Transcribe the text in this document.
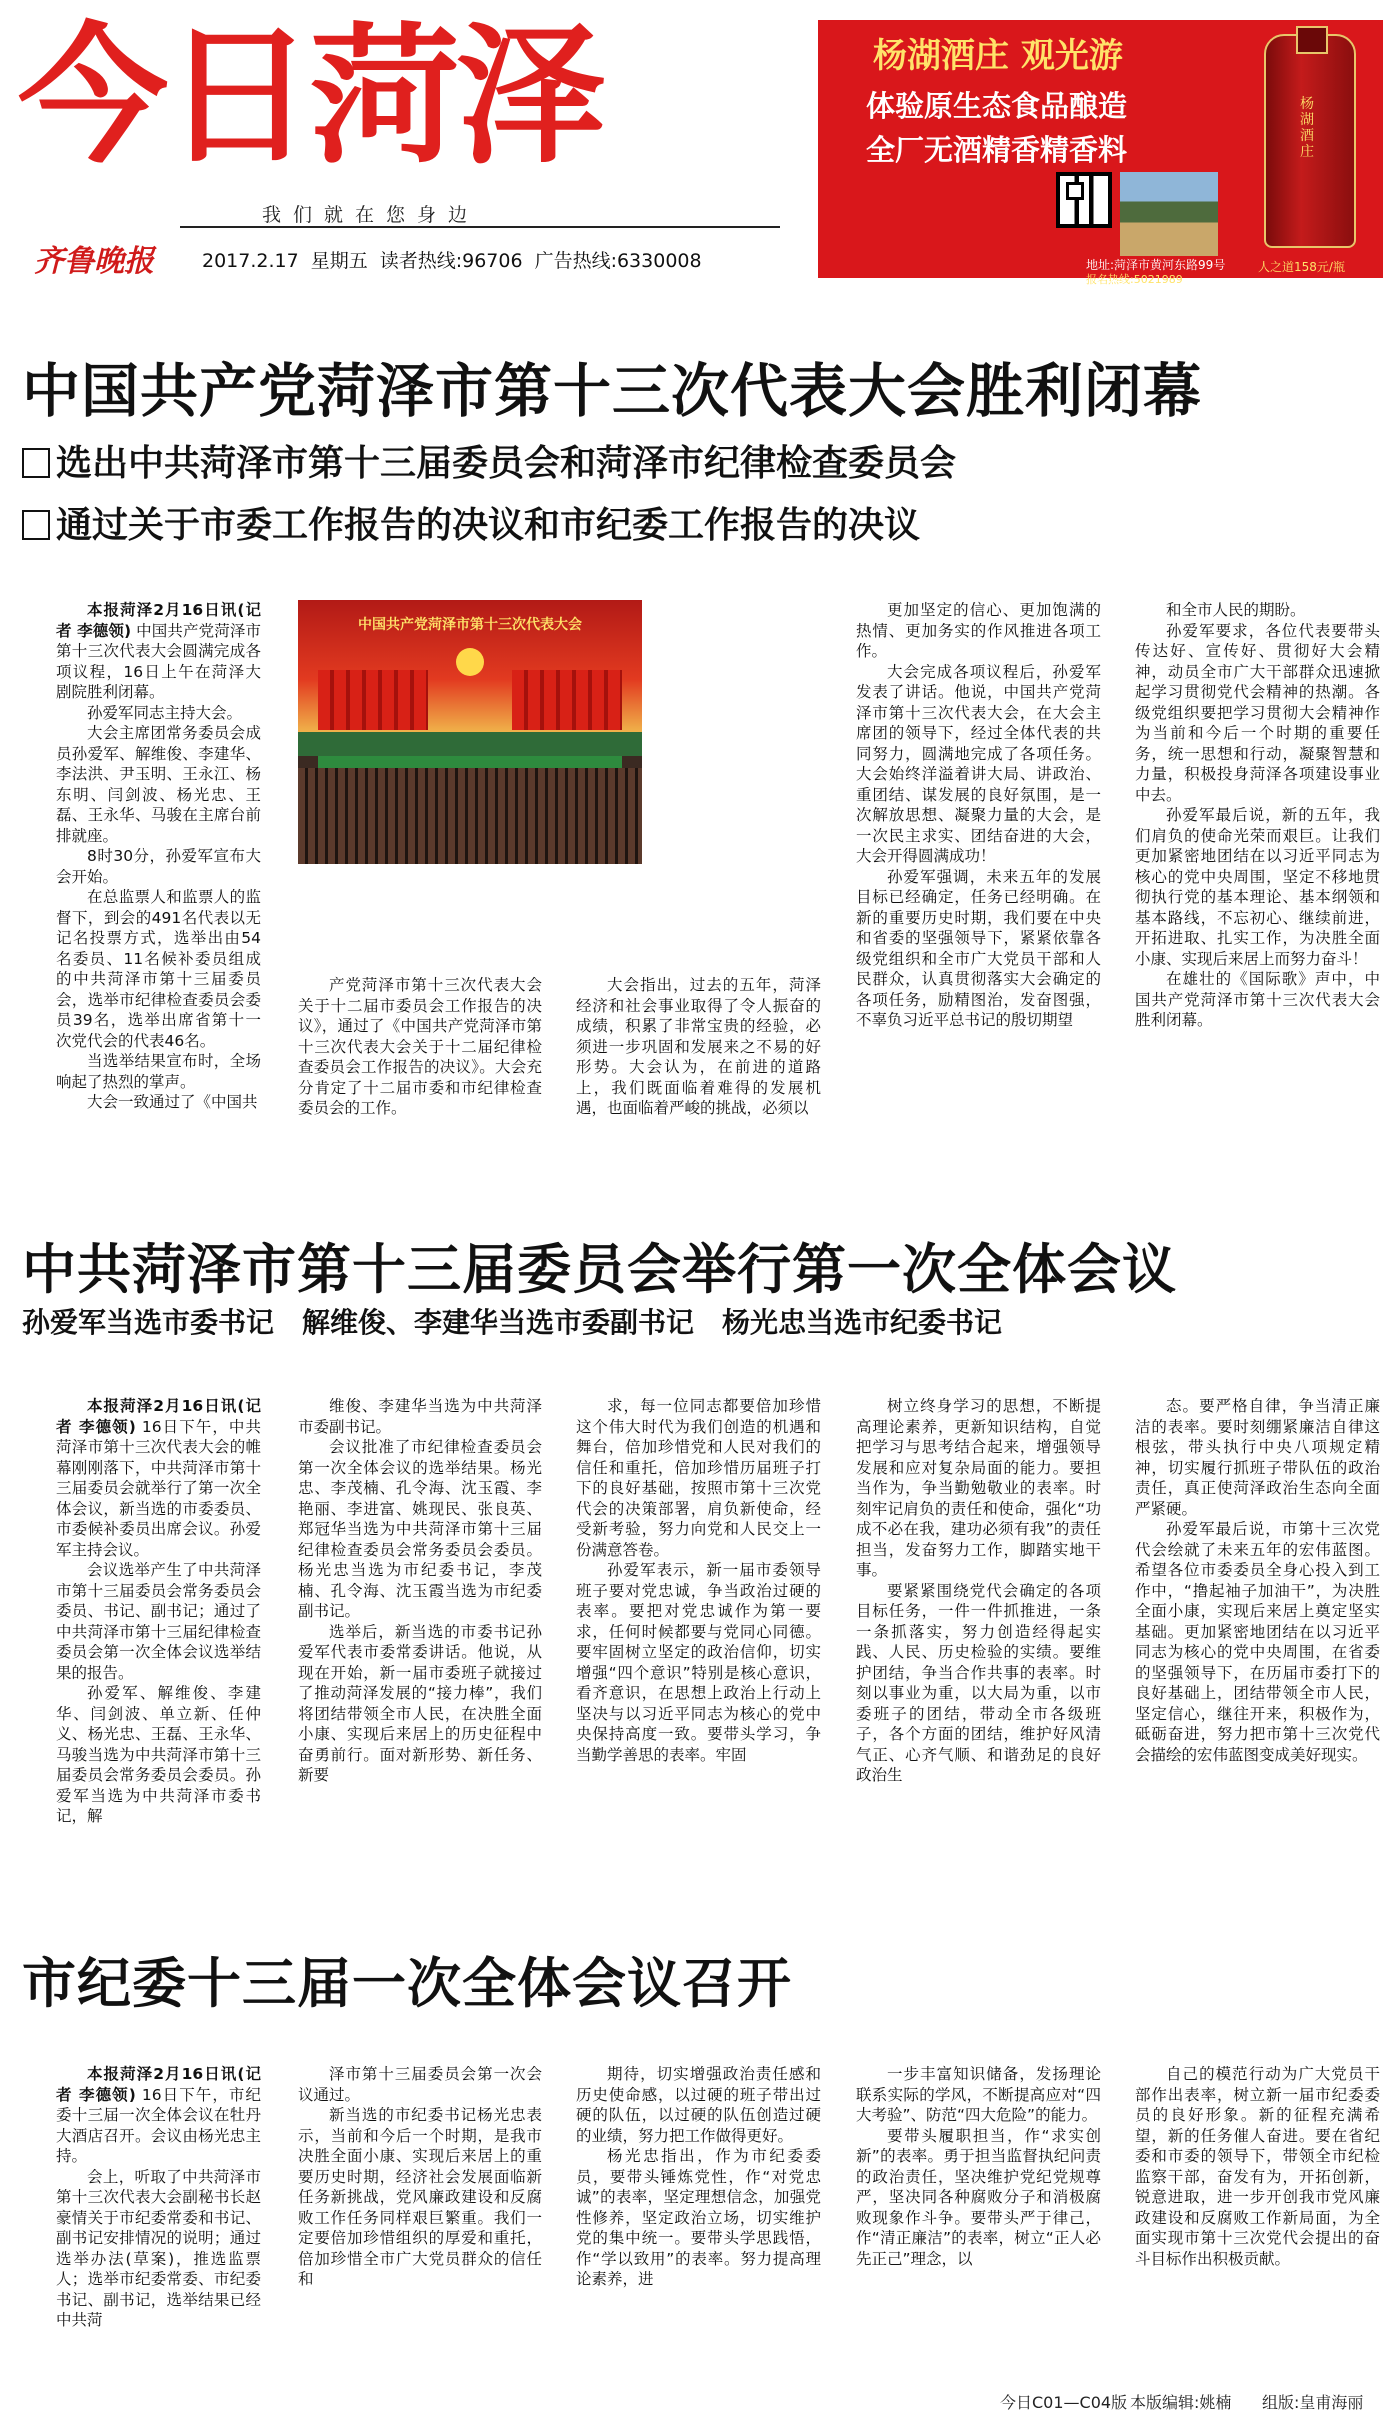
今日菏泽
我们就在您身边
齐鲁晚报	2017.2.17 星期五 读者热线:96706 广告热线:6330008
杨湖酒庄 观光游
体验原生态食品酿造
全厂无酒精香精香料
地址:菏泽市黄河东路99号
报名热线:5021989
杨湖酒庄
人之道158元/瓶
中国共产党菏泽市第十三次代表大会胜利闭幕
选出中共菏泽市第十三届委员会和菏泽市纪律检查委员会
通过关于市委工作报告的决议和市纪委工作报告的决议

本报菏泽2月16日讯(记者 李德领) 中国共产党菏泽市第十三次代表大会圆满完成各项议程，16日上午在菏泽大剧院胜利闭幕。

孙爱军同志主持大会。

大会主席团常务委员会成员孙爱军、解维俊、李建华、李法洪、尹玉明、王永江、杨东明、闫剑波、杨光忠、王磊、王永华、马骏在主席台前排就座。

8时30分，孙爱军宣布大会开始。

在总监票人和监票人的监督下，到会的491名代表以无记名投票方式，选举出由54名委员、11名候补委员组成的中共菏泽市第十三届委员会，选举市纪律检查委员会委员39名，选举出席省第十一次党代会的代表46名。

当选举结果宣布时，全场响起了热烈的掌声。

大会一致通过了《中国共

中国共产党菏泽市第十三次代表大会

产党菏泽市第十三次代表大会关于十二届市委员会工作报告的决议》，通过了《中国共产党菏泽市第十三次代表大会关于十二届纪律检查委员会工作报告的决议》。大会充分肯定了十二届市委和市纪律检查委员会的工作。

大会指出，过去的五年，菏泽经济和社会事业取得了令人振奋的成绩，积累了非常宝贵的经验，必须进一步巩固和发展来之不易的好形势。大会认为，在前进的道路上，我们既面临着难得的发展机遇，也面临着严峻的挑战，必须以

更加坚定的信心、更加饱满的热情、更加务实的作风推进各项工作。

大会完成各项议程后，孙爱军发表了讲话。他说，中国共产党菏泽市第十三次代表大会，在大会主席团的领导下，经过全体代表的共同努力，圆满地完成了各项任务。大会始终洋溢着讲大局、讲政治、重团结、谋发展的良好氛围，是一次解放思想、凝聚力量的大会，是一次民主求实、团结奋进的大会，大会开得圆满成功！

孙爱军强调，未来五年的发展目标已经确定，任务已经明确。在新的重要历史时期，我们要在中央和省委的坚强领导下，紧紧依靠各级党组织和全市广大党员干部和人民群众，认真贯彻落实大会确定的各项任务，励精图治，发奋图强，不辜负习近平总书记的殷切期望

和全市人民的期盼。

孙爱军要求，各位代表要带头传达好、宣传好、贯彻好大会精神，动员全市广大干部群众迅速掀起学习贯彻党代会精神的热潮。各级党组织要把学习贯彻大会精神作为当前和今后一个时期的重要任务，统一思想和行动，凝聚智慧和力量，积极投身菏泽各项建设事业中去。

孙爱军最后说，新的五年，我们肩负的使命光荣而艰巨。让我们更加紧密地团结在以习近平同志为核心的党中央周围，坚定不移地贯彻执行党的基本理论、基本纲领和基本路线，不忘初心、继续前进，开拓进取、扎实工作，为决胜全面小康、实现后来居上而努力奋斗！

在雄壮的《国际歌》声中，中国共产党菏泽市第十三次代表大会胜利闭幕。

中共菏泽市第十三届委员会举行第一次全体会议
孙爱军当选市委书记　解维俊、李建华当选市委副书记　杨光忠当选市纪委书记

本报菏泽2月16日讯(记者 李德领) 16日下午，中共菏泽市第十三次代表大会的帷幕刚刚落下，中共菏泽市第十三届委员会就举行了第一次全体会议，新当选的市委委员、市委候补委员出席会议。孙爱军主持会议。

会议选举产生了中共菏泽市第十三届委员会常务委员会委员、书记、副书记；通过了中共菏泽市第十三届纪律检查委员会第一次全体会议选举结果的报告。

孙爱军、解维俊、李建华、闫剑波、单立新、任仲义、杨光忠、王磊、王永华、马骏当选为中共菏泽市第十三届委员会常务委员会委员。孙爱军当选为中共菏泽市委书记，解

维俊、李建华当选为中共菏泽市委副书记。

会议批准了市纪律检查委员会第一次全体会议的选举结果。杨光忠、李茂楠、孔令海、沈玉霞、李艳丽、李进富、姚现民、张良英、郑冠华当选为中共菏泽市第十三届纪律检查委员会常务委员会委员。杨光忠当选为市纪委书记，李茂楠、孔令海、沈玉霞当选为市纪委副书记。

选举后，新当选的市委书记孙爱军代表市委常委讲话。他说，从现在开始，新一届市委班子就接过了推动菏泽发展的“接力棒”，我们将团结带领全市人民，在决胜全面小康、实现后来居上的历史征程中奋勇前行。面对新形势、新任务、新要

求，每一位同志都要倍加珍惜这个伟大时代为我们创造的机遇和舞台，倍加珍惜党和人民对我们的信任和重托，倍加珍惜历届班子打下的良好基础，按照市第十三次党代会的决策部署，肩负新使命，经受新考验，努力向党和人民交上一份满意答卷。

孙爱军表示，新一届市委领导班子要对党忠诚，争当政治过硬的表率。要把对党忠诚作为第一要求，任何时候都要与党同心同德。要牢固树立坚定的政治信仰，切实增强“四个意识”特别是核心意识，看齐意识，在思想上政治上行动上坚决与以习近平同志为核心的党中央保持高度一致。要带头学习，争当勤学善思的表率。牢固

树立终身学习的思想，不断提高理论素养，更新知识结构，自觉把学习与思考结合起来，增强领导发展和应对复杂局面的能力。要担当作为，争当勤勉敬业的表率。时刻牢记肩负的责任和使命，强化“功成不必在我，建功必须有我”的责任担当，发奋努力工作，脚踏实地干事。

要紧紧围绕党代会确定的各项目标任务，一件一件抓推进，一条一条抓落实，努力创造经得起实践、人民、历史检验的实绩。要维护团结，争当合作共事的表率。时刻以事业为重，以大局为重，以市委班子的团结，带动全市各级班子，各个方面的团结，维护好风清气正、心齐气顺、和谐劲足的良好政治生

态。要严格自律，争当清正廉洁的表率。要时刻绷紧廉洁自律这根弦，带头执行中央八项规定精神，切实履行抓班子带队伍的政治责任，真正使菏泽政治生态向全面严紧硬。

孙爱军最后说，市第十三次党代会绘就了未来五年的宏伟蓝图。希望各位市委委员全身心投入到工作中，“撸起袖子加油干”，为决胜全面小康，实现后来居上奠定坚实基础。更加紧密地团结在以习近平同志为核心的党中央周围，在省委的坚强领导下，在历届市委打下的良好基础上，团结带领全市人民，坚定信心，继往开来，积极作为，砥砺奋进，努力把市第十三次党代会描绘的宏伟蓝图变成美好现实。

市纪委十三届一次全体会议召开

本报菏泽2月16日讯(记者 李德领) 16日下午，市纪委十三届一次全体会议在牡丹大酒店召开。会议由杨光忠主持。

会上，听取了中共菏泽市第十三次代表大会副秘书长赵豪情关于市纪委常委和书记、副书记安排情况的说明；通过选举办法(草案)，推选监票人；选举市纪委常委、市纪委书记、副书记，选举结果已经中共菏

泽市第十三届委员会第一次会议通过。

新当选的市纪委书记杨光忠表示，当前和今后一个时期，是我市决胜全面小康、实现后来居上的重要历史时期，经济社会发展面临新任务新挑战，党风廉政建设和反腐败工作任务同样艰巨繁重。我们一定要倍加珍惜组织的厚爱和重托，倍加珍惜全市广大党员群众的信任和

期待，切实增强政治责任感和历史使命感，以过硬的班子带出过硬的队伍，以过硬的队伍创造过硬的业绩，努力把工作做得更好。

杨光忠指出，作为市纪委委员，要带头锤炼党性，作“对党忠诚”的表率，坚定理想信念，加强党性修养，坚定政治立场，切实维护党的集中统一。要带头学思践悟，作“学以致用”的表率。努力提高理论素养，进

一步丰富知识储备，发扬理论联系实际的学风，不断提高应对“四大考验”、防范“四大危险”的能力。

要带头履职担当，作“求实创新”的表率。勇于担当监督执纪问责的政治责任，坚决维护党纪党规尊严，坚决同各种腐败分子和消极腐败现象作斗争。要带头严于律己，作“清正廉洁”的表率，树立“正人必先正己”理念，以

自己的模范行动为广大党员干部作出表率，树立新一届市纪委委员的良好形象。新的征程充满希望，新的任务催人奋进。要在省纪委和市委的领导下，带领全市纪检监察干部，奋发有为，开拓创新，锐意进取，进一步开创我市党风廉政建设和反腐败工作新局面，为全面实现市第十三次党代会提出的奋斗目标作出积极贡献。

今日C01—C04版 本版编辑:姚楠 组版:皇甫海丽
